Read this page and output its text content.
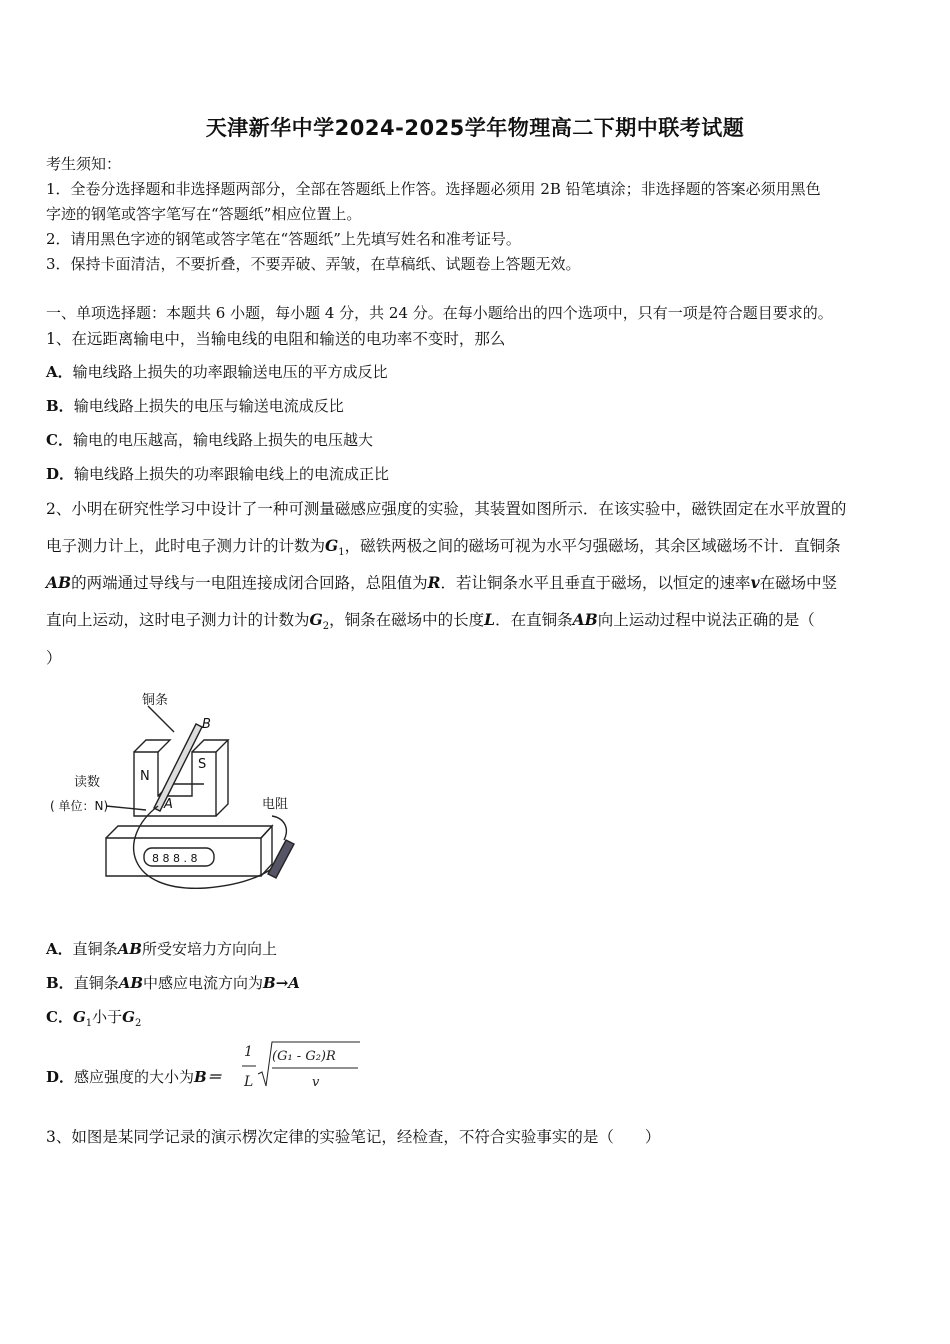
天津新华中学2024-2025学年物理高二下期中联考试题
考生须知：
1．全卷分选择题和非选择题两部分，全部在答题纸上作答。选择题必须用 2B 铅笔填涂；非选择题的答案必须用黑色
字迹的钢笔或答字笔写在“答题纸”相应位置上。
2．请用黑色字迹的钢笔或答字笔在“答题纸”上先填写姓名和准考证号。
3．保持卡面清洁，不要折叠，不要弄破、弄皱，在草稿纸、试题卷上答题无效。
一、单项选择题：本题共 6 小题，每小题 4 分，共 24 分。在每小题给出的四个选项中，只有一项是符合题目要求的。
1、在远距离输电中，当输电线的电阻和输送的电功率不变时，那么
A．输电线路上损失的功率跟输送电压的平方成反比
B．输电线路上损失的电压与输送电流成反比
C．输电的电压越高，输电线路上损失的电压越大
D．输电线路上损失的功率跟输电线上的电流成正比
2、小明在研究性学习中设计了一种可测量磁感应强度的实验，其装置如图所示．在该实验中，磁铁固定在水平放置的
电子测力计上，此时电子测力计的计数为$G_1$，磁铁两极之间的磁场可视为水平匀强磁场，其余区域磁场不计．直铜条
AB的两端通过导线与一电阻连接成闭合回路，总阻值为R．若让铜条水平且垂直于磁场，以恒定的速率v在磁场中竖
直向上运动，这时电子测力计的计数为$G_2$，铜条在磁场中的长度L．在直铜条AB向上运动过程中说法正确的是（
）
铜条
B
N
S
A
读数
( 单位：N)
8 8 8 . 8
电阻
A．直铜条AB所受安培力方向向上
B．直铜条AB中感应电流方向为B→A
C．$G_1$小于$G_2$
D．感应强度的大小为B＝
1
L
(G₁ - G₂)R
v
3、如图是某同学记录的演示楞次定律的实验笔记，经检查，不符合实验事实的是（　　）
